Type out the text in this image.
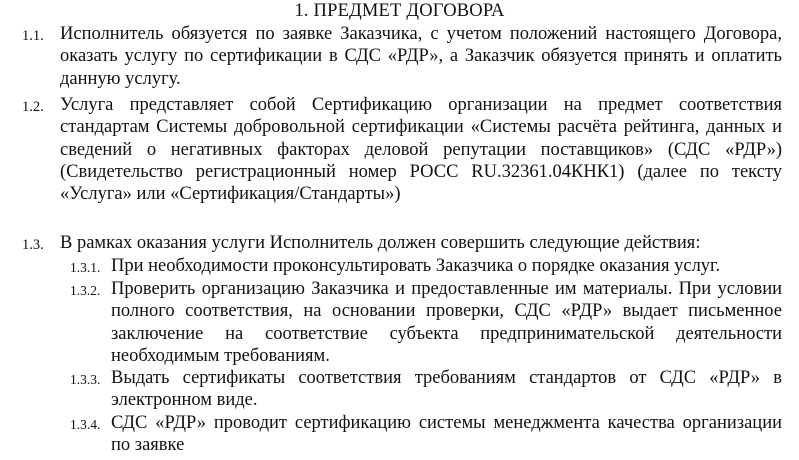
1. ПРЕДМЕТ ДОГОВОРА
1.1. Исполнитель обязуется по заявке Заказчика, с учетом положений настоящего Договора, оказать услугу по сертификации в СДС «РДР», а Заказчик обязуется принять и оплатить данную услугу.
1.2. Услуга представляет собой Сертификацию организации на предмет соответствия стандартам Системы добровольной сертификации «Системы расчёта рейтинга, данных и сведений о негативных факторах деловой репутации поставщиков» (СДС «РДР») (Свидетельство регистрационный номер РОСС RU.32361.04КНК1) (далее по тексту «Услуга» или «Сертификация/Стандарты»)
1.3. В рамках оказания услуги Исполнитель должен совершить следующие действия:
1.3.1. При необходимости проконсультировать Заказчика о порядке оказания услуг.
1.3.2. Проверить организацию Заказчика и предоставленные им материалы. При условии полного соответствия, на основании проверки, СДС «РДР» выдает письменное заключение на соответствие субъекта предпринимательской деятельности необходимым требованиям.
1.3.3. Выдать сертификаты соответствия требованиям стандартов от СДС «РДР» в электронном виде.
1.3.4. СДС «РДР» проводит сертификацию системы менеджмента качества организации по заявке
